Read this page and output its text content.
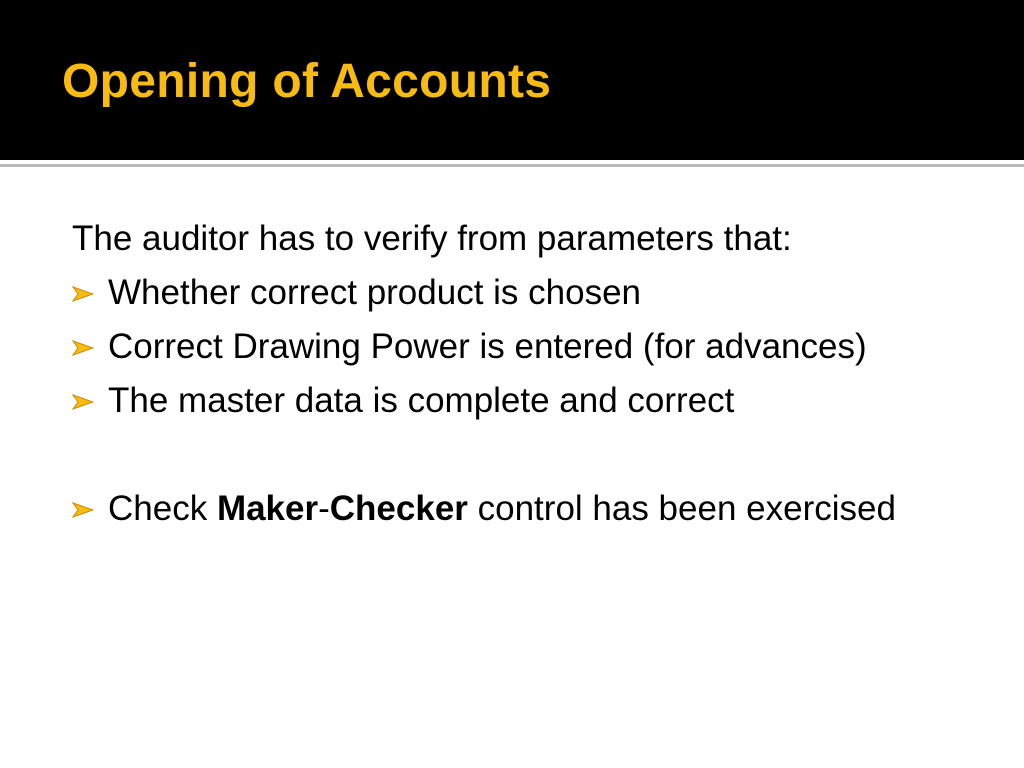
Opening of Accounts

The auditor has to verify from parameters that:

Whether correct product is chosen

Correct Drawing Power is entered (for advances)

The master data is complete and correct

Check Maker-Checker control has been exercised
